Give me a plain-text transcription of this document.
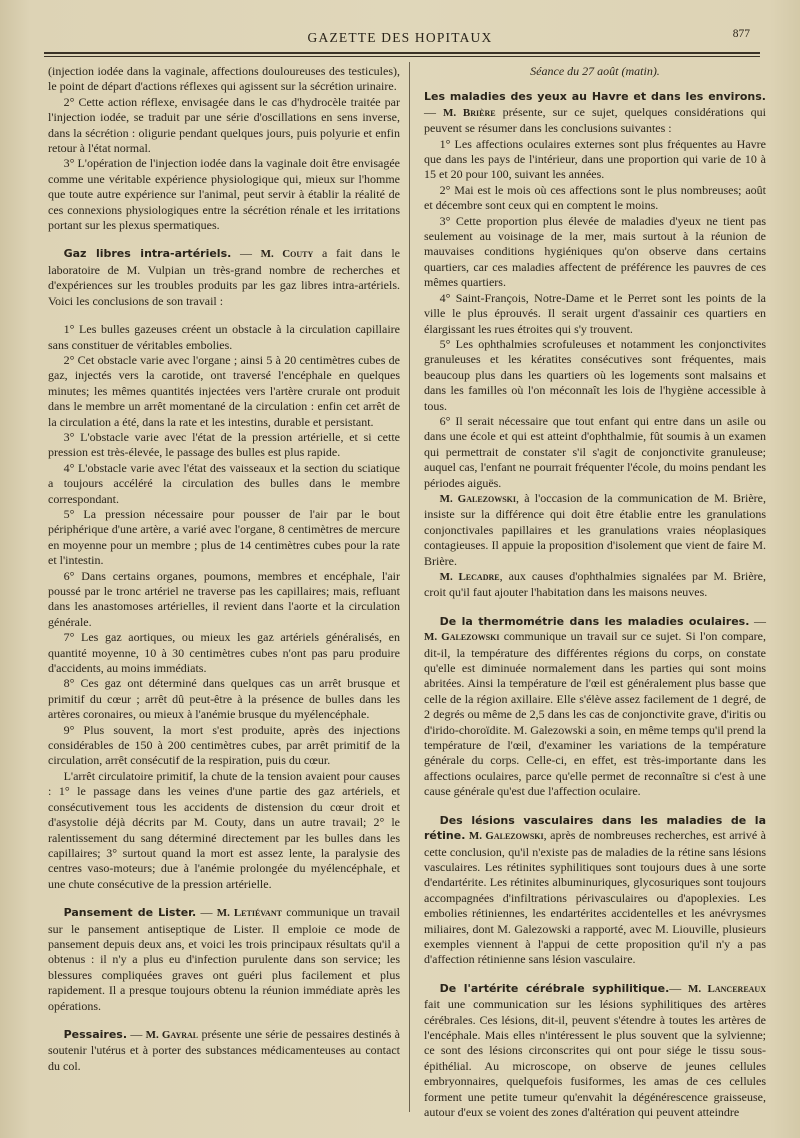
GAZETTE DES HOPITAUX	877

(injection iodée dans la vaginale, affections douloureuses des testicules), le point de départ d'actions réflexes qui agissent sur la sécrétion urinaire.

2° Cette action réflexe, envisagée dans le cas d'hydrocèle traitée par l'injection iodée, se traduit par une série d'oscillations en sens inverse, dans la sécrétion : oligurie pendant quelques jours, puis polyurie et enfin retour à l'état normal.

3° L'opération de l'injection iodée dans la vaginale doit être envisagée comme une véritable expérience physiologique qui, mieux sur l'homme que toute autre expérience sur l'animal, peut servir à établir la réalité de ces connexions physiologiques entre la sécrétion rénale et les irritations portant sur les plexus spermatiques.

Gaz libres intra-artériels. — M. Couty a fait dans le laboratoire de M. Vulpian un très-grand nombre de recherches et d'expériences sur les troubles produits par les gaz libres intra-artériels. Voici les conclusions de son travail :

1° Les bulles gazeuses créent un obstacle à la circulation capillaire sans constituer de véritables embolies.

2° Cet obstacle varie avec l'organe ; ainsi 5 à 20 centimètres cubes de gaz, injectés vers la carotide, ont traversé l'encéphale en quelques minutes; les mêmes quantités injectées vers l'artère crurale ont produit dans le membre un arrêt momentané de la circulation : enfin cet arrêt de la circulation a été, dans la rate et les intestins, durable et persistant.

3° L'obstacle varie avec l'état de la pression artérielle, et si cette pression est très-élevée, le passage des bulles est plus rapide.

4° L'obstacle varie avec l'état des vaisseaux et la section du sciatique a toujours accéléré la circulation des bulles dans le membre correspondant.

5° La pression nécessaire pour pousser de l'air par le bout périphérique d'une artère, a varié avec l'organe, 8 centimètres de mercure en moyenne pour un membre ; plus de 14 centimètres cubes pour la rate et l'intestin.

6° Dans certains organes, poumons, membres et encéphale, l'air poussé par le tronc artériel ne traverse pas les capillaires; mais, refluant dans les anastomoses artérielles, il revient dans l'aorte et la circulation générale.

7° Les gaz aortiques, ou mieux les gaz artériels généralisés, en quantité moyenne, 10 à 30 centimètres cubes n'ont pas paru produire d'accidents, au moins immédiats.

8° Ces gaz ont déterminé dans quelques cas un arrêt brusque et primitif du cœur ; arrêt dû peut-être à la présence de bulles dans les artères coronaires, ou mieux à l'anémie brusque du myélencéphale.

9° Plus souvent, la mort s'est produite, après des injections considérables de 150 à 200 centimètres cubes, par arrêt primitif de la circulation, arrêt consécutif de la respiration, puis du cœur.

L'arrêt circulatoire primitif, la chute de la tension avaient pour causes : 1° le passage dans les veines d'une partie des gaz artériels, et consécutivement tous les accidents de distension du cœur droit et d'asystolie déjà décrits par M. Couty, dans un autre travail; 2° le ralentissement du sang déterminé directement par les bulles dans les capillaires; 3° surtout quand la mort est assez lente, la paralysie des centres vaso-moteurs; due à l'anémie prolongée du myélencéphale, et une chute consécutive de la pression artérielle.

Pansement de Lister. — M. Letiévant communique un travail sur le pansement antiseptique de Lister. Il emploie ce mode de pansement depuis deux ans, et voici les trois principaux résultats qu'il a obtenus : il n'y a plus eu d'infection purulente dans son service; les blessures compliquées graves ont guéri plus facilement et plus rapidement. Il a presque toujours obtenu la réunion immédiate après les opérations.

Pessaires. — M. Gayral présente une série de pessaires destinés à soutenir l'utérus et à porter des substances médicamenteuses au contact du col.

Séance du 27 août (matin).

Les maladies des yeux au Havre et dans les environs. — M. Brière présente, sur ce sujet, quelques considérations qui peuvent se résumer dans les conclusions suivantes :

1° Les affections oculaires externes sont plus fréquentes au Havre que dans les pays de l'intérieur, dans une proportion qui varie de 10 à 15 et 20 pour 100, suivant les années.

2° Mai est le mois où ces affections sont le plus nombreuses; août et décembre sont ceux qui en comptent le moins.

3° Cette proportion plus élevée de maladies d'yeux ne tient pas seulement au voisinage de la mer, mais surtout à la réunion de mauvaises conditions hygiéniques qu'on observe dans certains quartiers, car ces maladies affectent de préférence les pauvres de ces mêmes quartiers.

4° Saint-François, Notre-Dame et le Perret sont les points de la ville le plus éprouvés. Il serait urgent d'assainir ces quartiers en élargissant les rues étroites qui s'y trouvent.

5° Les ophthalmies scrofuleuses et notamment les conjonctivites granuleuses et les kératites consécutives sont fréquentes, mais beaucoup plus dans les quartiers où les logements sont malsains et dans les familles où l'on méconnaît les lois de l'hygiène accessible à tous.

6° Il serait nécessaire que tout enfant qui entre dans un asile ou dans une école et qui est atteint d'ophthalmie, fût soumis à un examen qui permettrait de constater s'il s'agit de conjonctivite granuleuse; auquel cas, l'enfant ne pourrait fréquenter l'école, du moins pendant les périodes aiguës.

M. Galezowski, à l'occasion de la communication de M. Brière, insiste sur la différence qui doit être établie entre les granulations conjonctivales papillaires et les granulations vraies néoplasiques contagieuses. Il appuie la proposition d'isolement que vient de faire M. Brière.

M. Lecadre, aux causes d'ophthalmies signalées par M. Brière, croit qu'il faut ajouter l'habitation dans les maisons neuves.

De la thermométrie dans les maladies oculaires. — M. Galezowski communique un travail sur ce sujet. Si l'on compare, dit-il, la température des différentes régions du corps, on constate qu'elle est diminuée normalement dans les parties qui sont moins abritées. Ainsi la température de l'œil est généralement plus basse que celle de la région axillaire. Elle s'élève assez facilement de 1 degré, de 2 degrés ou même de 2,5 dans les cas de conjonctivite grave, d'iritis ou d'irido-choroïdite. M. Galezowski a soin, en même temps qu'il prend la température de l'œil, d'examiner les variations de la température générale du corps. Celle-ci, en effet, est très-importante dans les affections oculaires, parce qu'elle permet de reconnaître si c'est à une cause générale qu'est due l'affection oculaire.

Des lésions vasculaires dans les maladies de la rétine. M. Galezowski, après de nombreuses recherches, est arrivé à cette conclusion, qu'il n'existe pas de maladies de la rétine sans lésions vasculaires. Les rétinites syphilitiques sont toujours dues à une sorte d'endartérite. Les rétinites albuminuriques, glycosuriques sont toujours accompagnées d'infiltrations périvasculaires ou d'apoplexies. Les embolies rétiniennes, les endartérites accidentelles et les anévrysmes miliaires, dont M. Galezowski a rapporté, avec M. Liouville, plusieurs exemples viennent à l'appui de cette proposition qu'il n'y a pas d'affection rétinienne sans lésion vasculaire.

De l'artérite cérébrale syphilitique.— M. Lancereaux fait une communication sur les lésions syphilitiques des artères cérébrales. Ces lésions, dit-il, peuvent s'étendre à toutes les artères de l'encéphale. Mais elles n'intéressent le plus souvent que la sylvienne; ce sont des lésions circonscrites qui ont pour siége le tissu sous-épithélial. Au microscope, on observe de jeunes cellules embryonnaires, quelquefois fusiformes, les amas de ces cellules forment une petite tumeur qu'envahit la dégénérescence graisseuse, autour d'eux se voient des zones d'altération qui peuvent atteindre
